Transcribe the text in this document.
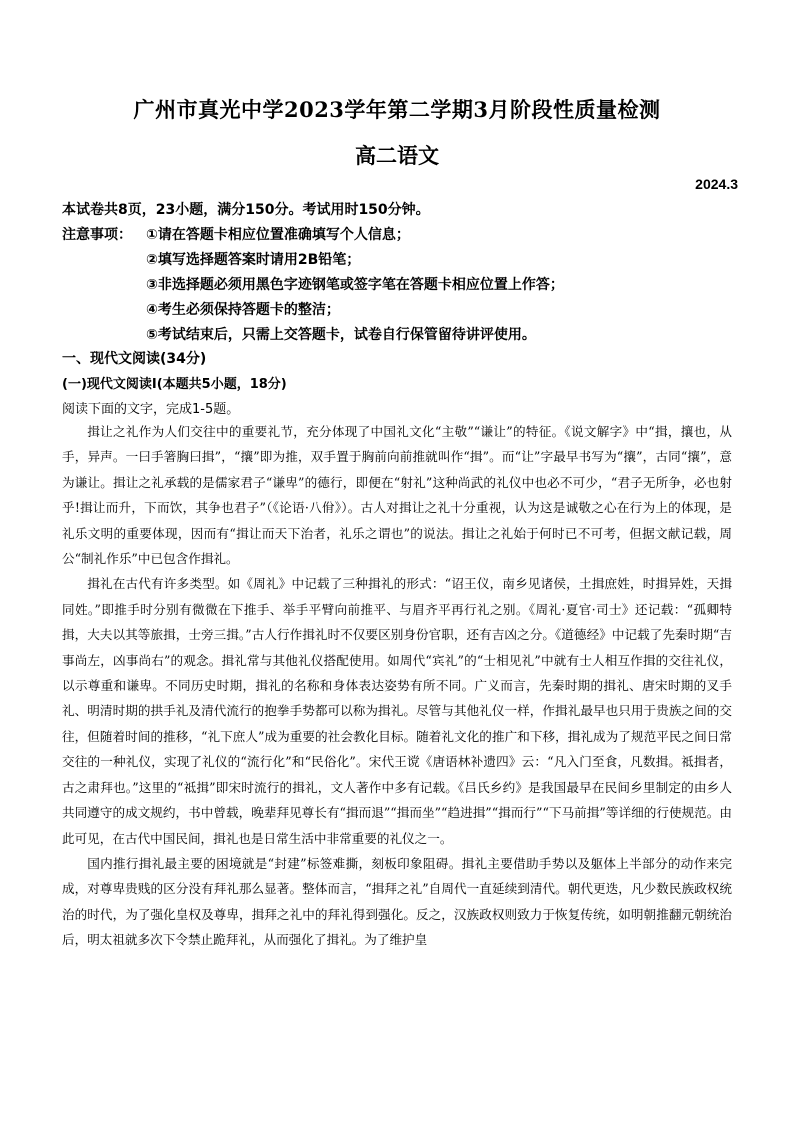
广州市真光中学2023学年第二学期3月阶段性质量检测
高二语文
2024.3
本试卷共8页，23小题，满分150分。考试用时150分钟。
注意事项： ①请在答题卡相应位置准确填写个人信息；
②填写选择题答案时请用2B铅笔；
③非选择题必须用黑色字迹钢笔或签字笔在答题卡相应位置上作答；
④考生必须保持答题卡的整洁；
⑤考试结束后，只需上交答题卡，试卷自行保管留待讲评使用。
一、现代文阅读(34分)
(一)现代文阅读Ⅰ(本题共5小题，18分)
阅读下面的文字，完成1-5题。

揖让之礼作为人们交往中的重要礼节，充分体现了中国礼文化“主敬”“谦让”的特征。《说文解字》中“揖，攘也，从手，异声。一曰手箸胸曰揖”，“攘”即为推，双手置于胸前向前推就叫作“揖”。而“让”字最早书写为“攘”，古同“攘”，意为谦让。揖让之礼承载的是儒家君子“谦卑”的德行，即便在“射礼”这种尚武的礼仪中也必不可少，“君子无所争，必也射乎!揖让而升，下而饮，其争也君子”（《论语·八佾》）。古人对揖让之礼十分重视，认为这是诚敬之心在行为上的体现，是礼乐文明的重要体现，因而有“揖让而天下治者，礼乐之谓也”的说法。揖让之礼始于何时已不可考，但据文献记载，周公“制礼作乐”中已包含作揖礼。

揖礼在古代有许多类型。如《周礼》中记载了三种揖礼的形式：“诏王仪，南乡见诸侯，土揖庶姓，时揖异姓，天揖同姓。”即推手时分别有微微在下推手、举手平臂向前推平、与眉齐平再行礼之别。《周礼·夏官·司士》还记载：“孤卿特揖，大夫以其等旅揖，士旁三揖。”古人行作揖礼时不仅要区别身份官职，还有吉凶之分。《道德经》中记载了先秦时期“吉事尚左，凶事尚右”的观念。揖礼常与其他礼仪搭配使用。如周代“宾礼”的“士相见礼”中就有士人相互作揖的交往礼仪，以示尊重和谦卑。不同历史时期，揖礼的名称和身体表达姿势有所不同。广义而言，先秦时期的揖礼、唐宋时期的叉手礼、明清时期的拱手礼及清代流行的抱拳手势都可以称为揖礼。尽管与其他礼仪一样，作揖礼最早也只用于贵族之间的交往，但随着时间的推移，“礼下庶人”成为重要的社会教化目标。随着礼文化的推广和下移，揖礼成为了规范平民之间日常交往的一种礼仪，实现了礼仪的“流行化”和“民俗化”。宋代王谠《唐语林补遗四》云：“凡入门至食，凡数揖。祗揖者，古之肃拜也。”这里的“祗揖”即宋时流行的揖礼，文人著作中多有记载。《吕氏乡约》是我国最早在民间乡里制定的由乡人共同遵守的成文规约，书中曾载，晚辈拜见尊长有“揖而退”“揖而坐”“趋进揖”“揖而行”“下马前揖”等详细的行使规范。由此可见，在古代中国民间，揖礼也是日常生活中非常重要的礼仪之一。

国内推行揖礼最主要的困境就是“封建”标签难撕，刻板印象阻碍。揖礼主要借助手势以及躯体上半部分的动作来完成，对尊卑贵贱的区分没有拜礼那么显著。整体而言，“揖拜之礼”自周代一直延续到清代。朝代更迭，凡少数民族政权统治的时代，为了强化皇权及尊卑，揖拜之礼中的拜礼得到强化。反之，汉族政权则致力于恢复传统，如明朝推翻元朝统治后，明太祖就多次下令禁止跪拜礼，从而强化了揖礼。为了维护皇
